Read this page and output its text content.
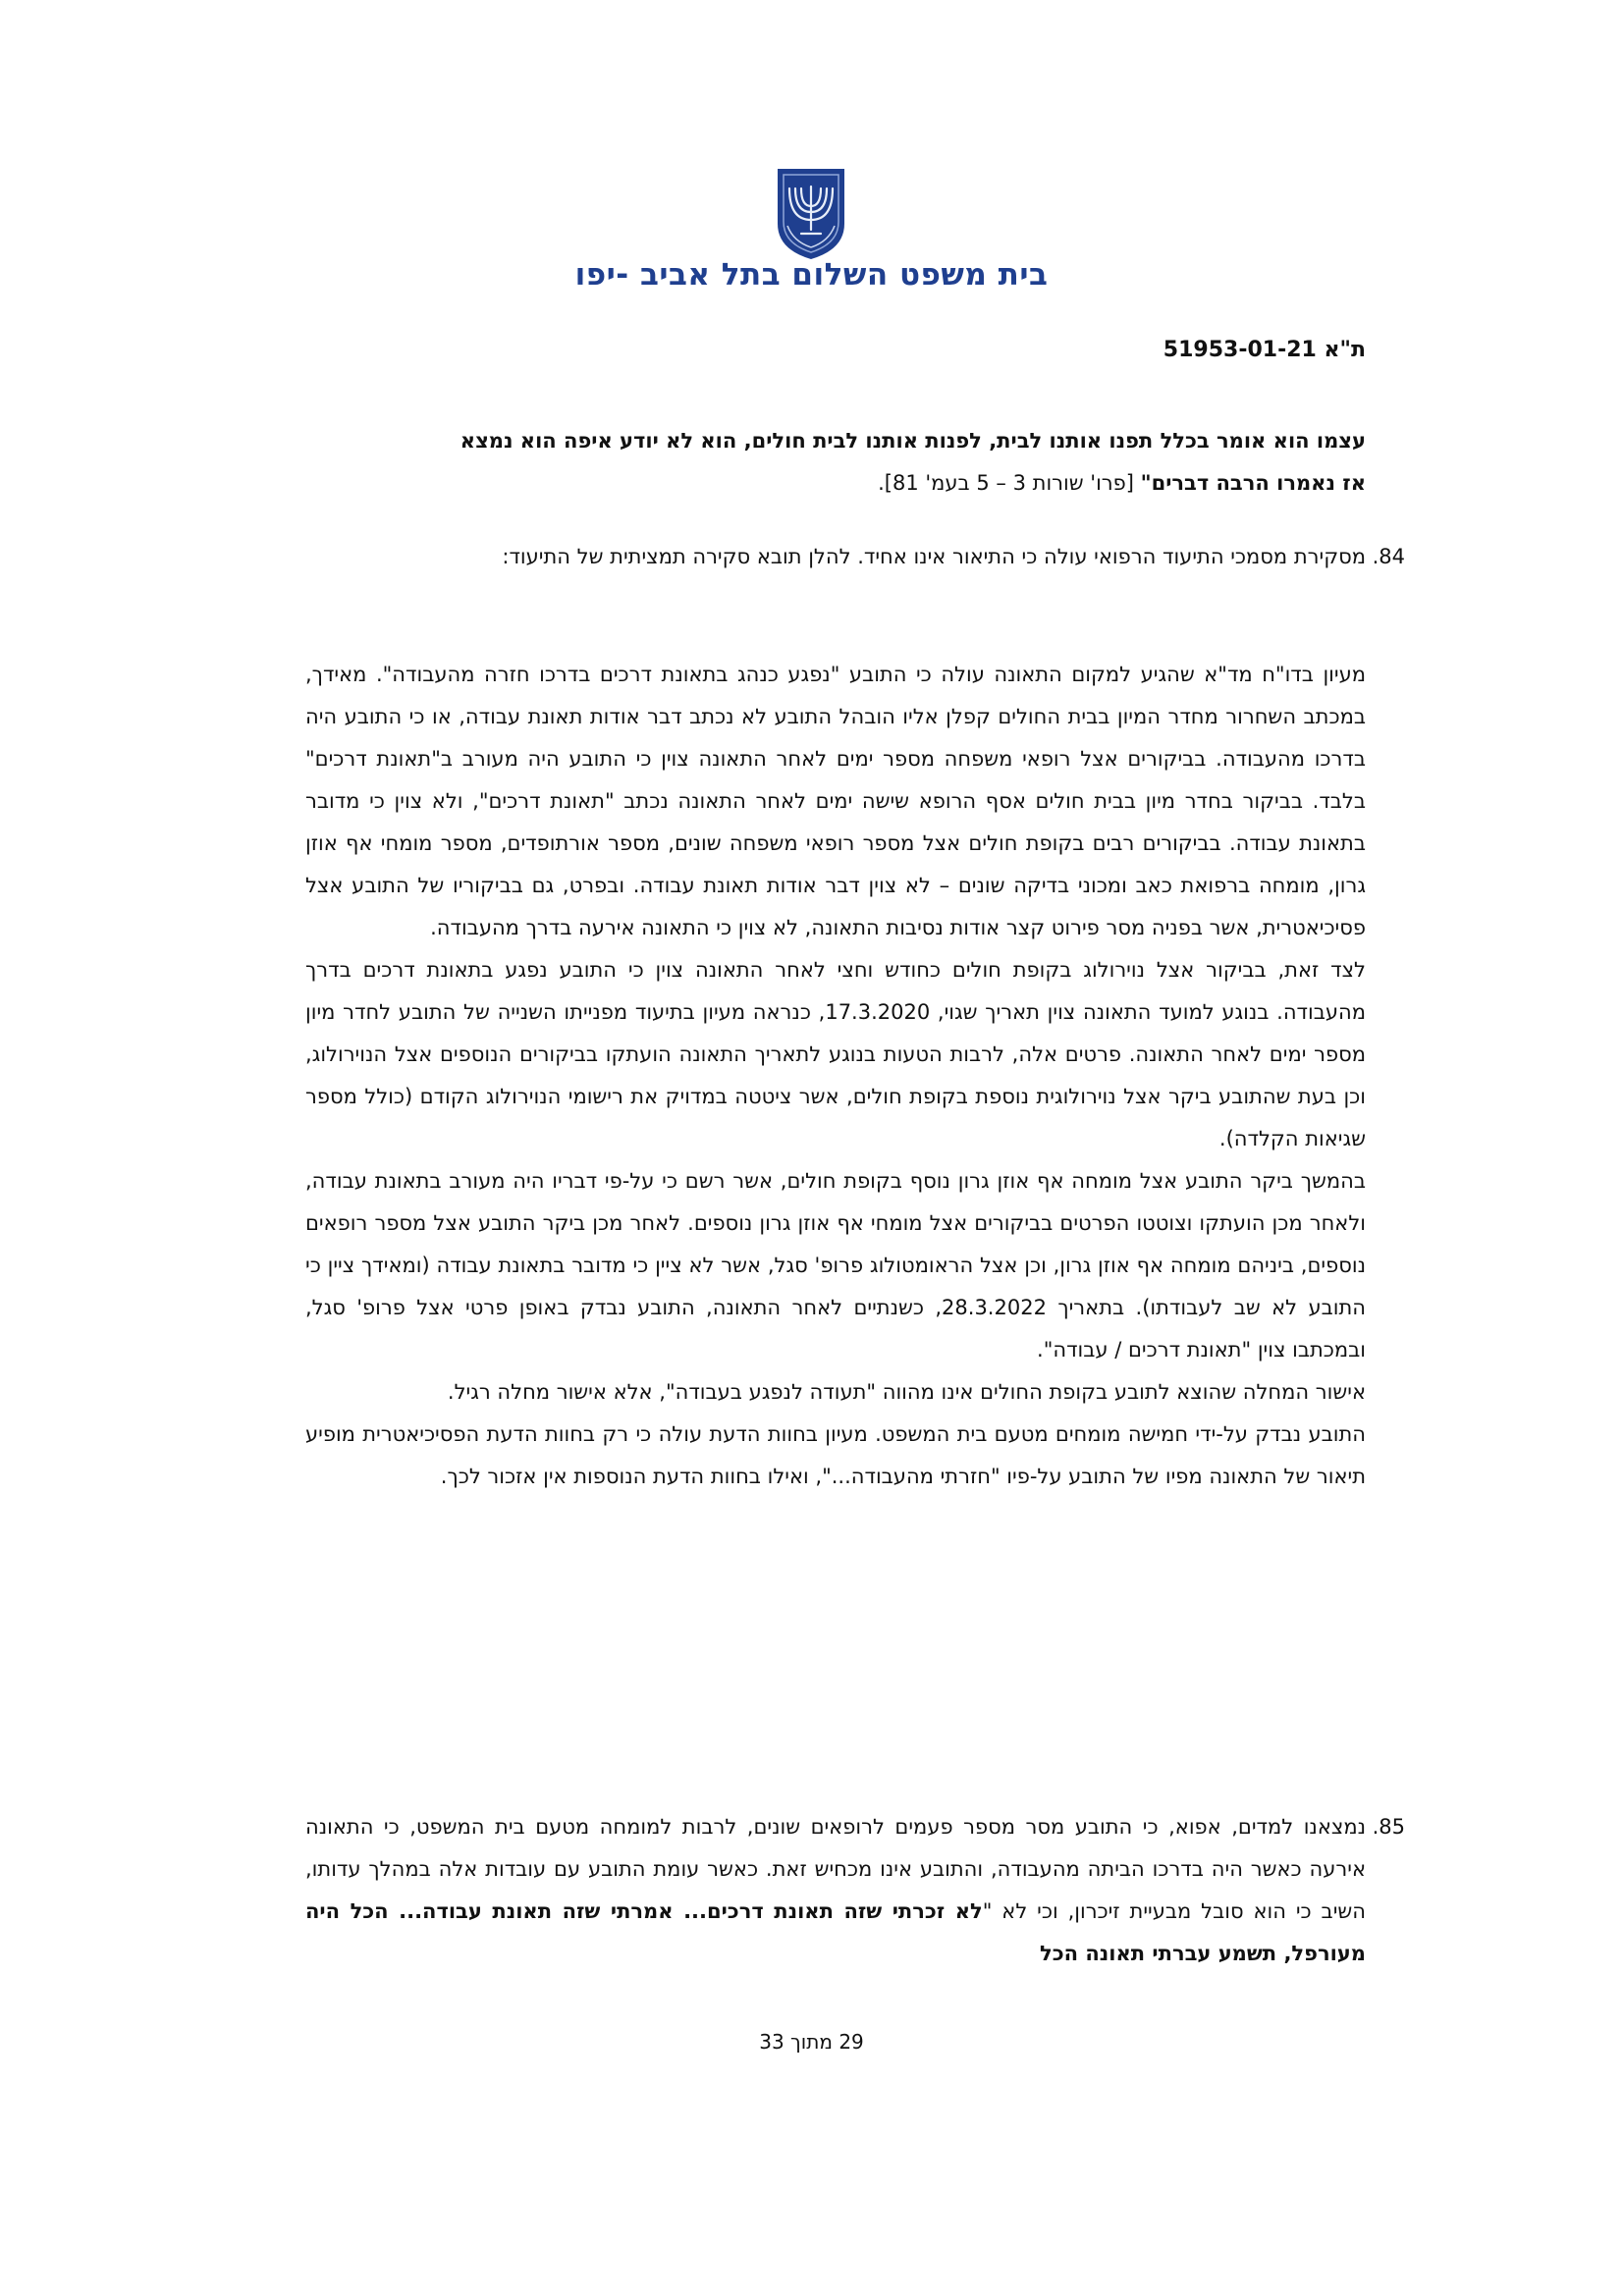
בית משפט השלום בתל אביב -יפו
ת"א 51953-01-21

עצמו הוא אומר בכלל תפנו אותנו לבית, לפנות אותנו לבית חולים, הוא לא יודע איפה הוא נמצא

אז נאמרו הרבה דברים" [פרו' שורות 3 – 5 בעמ' 81].

84.
מסקירת מסמכי התיעוד הרפואי עולה כי התיאור אינו אחיד. להלן תובא סקירה תמציתית של התיעוד:

מעיון בדו"ח מד"א שהגיע למקום התאונה עולה כי התובע "נפגע כנהג בתאונת דרכים בדרכו חזרה מהעבודה". מאידך, במכתב השחרור מחדר המיון בבית החולים קפלן אליו הובהל התובע לא נכתב דבר אודות תאונת עבודה, או כי התובע היה בדרכו מהעבודה. בביקורים אצל רופאי משפחה מספר ימים לאחר התאונה צוין כי התובע היה מעורב ב"תאונת דרכים" בלבד. בביקור בחדר מיון בבית חולים אסף הרופא שישה ימים לאחר התאונה נכתב "תאונת דרכים", ולא צוין כי מדובר בתאונת עבודה. בביקורים רבים בקופת חולים אצל מספר רופאי משפחה שונים, מספר אורתופדים, מספר מומחי אף אוזן גרון, מומחה ברפואת כאב ומכוני בדיקה שונים – לא צוין דבר אודות תאונת עבודה. ובפרט, גם בביקוריו של התובע אצל פסיכיאטרית, אשר בפניה מסר פירוט קצר אודות נסיבות התאונה, לא צוין כי התאונה אירעה בדרך מהעבודה.

לצד זאת, בביקור אצל נוירולוג בקופת חולים כחודש וחצי לאחר התאונה צוין כי התובע נפגע בתאונת דרכים בדרך מהעבודה. בנוגע למועד התאונה צוין תאריך שגוי, 17.3.2020, כנראה מעיון בתיעוד מפנייתו השנייה של התובע לחדר מיון מספר ימים לאחר התאונה. פרטים אלה, לרבות הטעות בנוגע לתאריך התאונה הועתקו בביקורים הנוספים אצל הנוירולוג, וכן בעת שהתובע ביקר אצל נוירולוגית נוספת בקופת חולים, אשר ציטטה במדויק את רישומי הנוירולוג הקודם (כולל מספר שגיאות הקלדה).

בהמשך ביקר התובע אצל מומחה אף אוזן גרון נוסף בקופת חולים, אשר רשם כי על-פי דבריו היה מעורב בתאונת עבודה, ולאחר מכן הועתקו וצוטטו הפרטים בביקורים אצל מומחי אף אוזן גרון נוספים. לאחר מכן ביקר התובע אצל מספר רופאים נוספים, ביניהם מומחה אף אוזן גרון, וכן אצל הראומטולוג פרופ' סגל, אשר לא ציין כי מדובר בתאונת עבודה (ומאידך ציין כי התובע לא שב לעבודתו). בתאריך 28.3.2022, כשנתיים לאחר התאונה, התובע נבדק באופן פרטי אצל פרופ' סגל, ובמכתבו צוין "תאונת דרכים / עבודה".

אישור המחלה שהוצא לתובע בקופת החולים אינו מהווה "תעודה לנפגע בעבודה", אלא אישור מחלה רגיל.

התובע נבדק על-ידי חמישה מומחים מטעם בית המשפט. מעיון בחוות הדעת עולה כי רק בחוות הדעת הפסיכיאטרית מופיע תיאור של התאונה מפיו של התובע על-פיו "חזרתי מהעבודה...", ואילו בחוות הדעת הנוספות אין אזכור לכך.

85.
נמצאנו למדים, אפוא, כי התובע מסר מספר פעמים לרופאים שונים, לרבות למומחה מטעם בית המשפט, כי התאונה אירעה כאשר היה בדרכו הביתה מהעבודה, והתובע אינו מכחיש זאת. כאשר עומת התובע עם עובדות אלה במהלך עדותו, השיב כי הוא סובל מבעיית זיכרון, וכי לא "לא זכרתי שזה תאונת דרכים... אמרתי שזה תאונת עבודה... הכל היה מעורפל, תשמע עברתי תאונה הכל

29 מתוך 33
